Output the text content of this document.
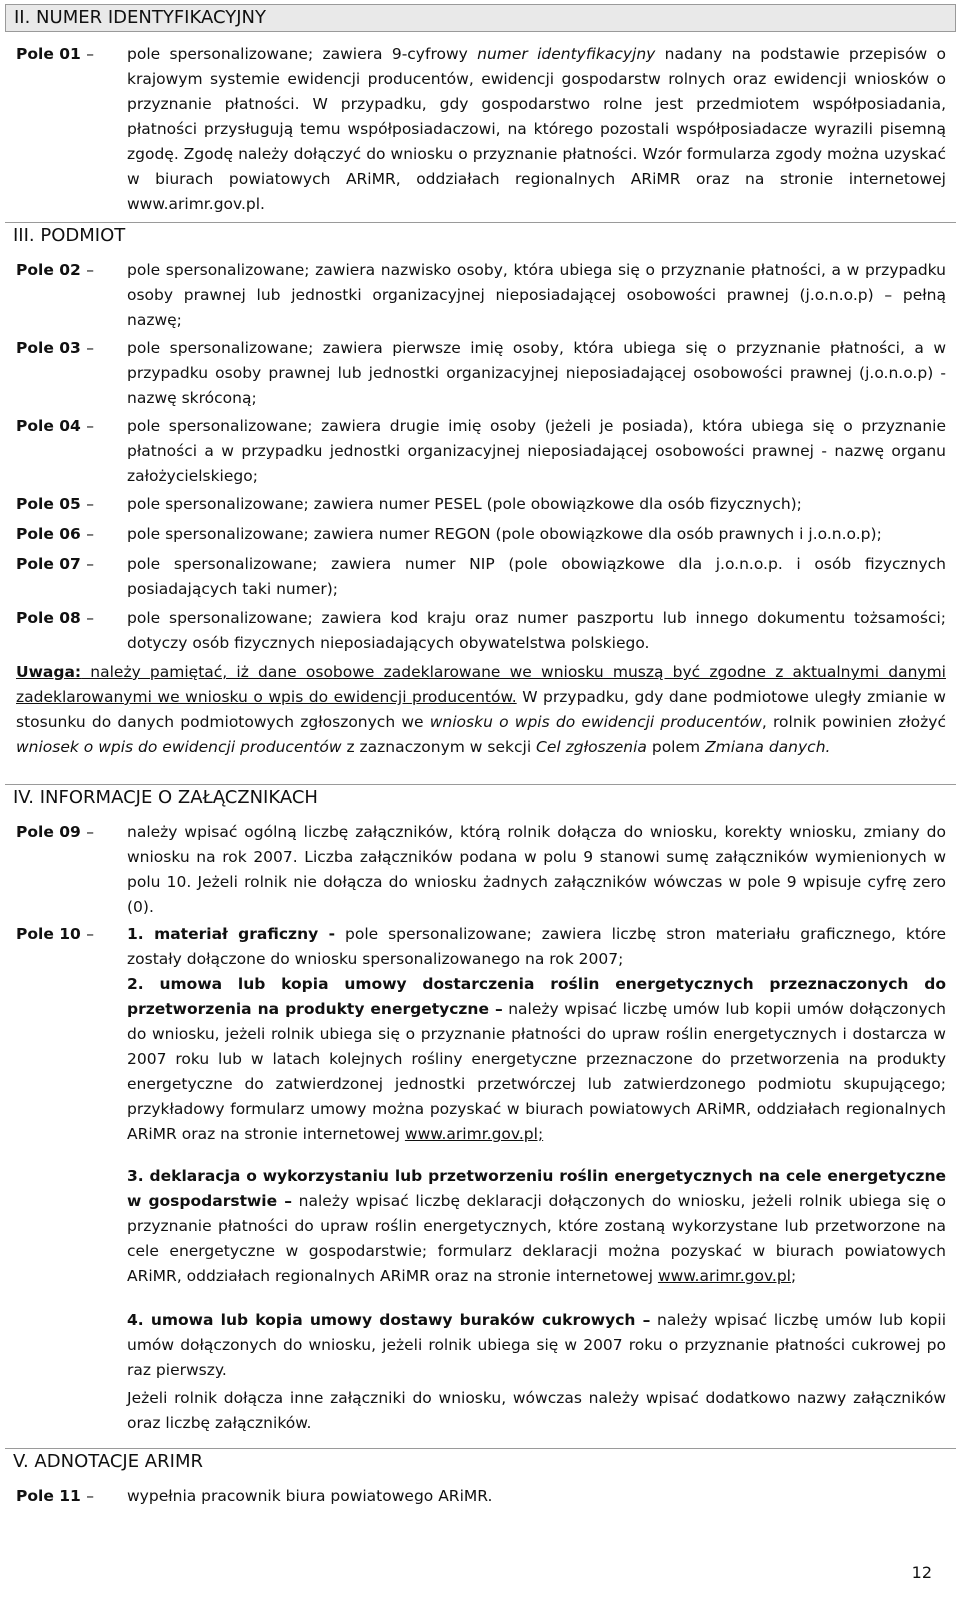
II. NUMER IDENTYFIKACYJNY
Pole 01 –	pole spersonalizowane; zawiera 9-cyfrowy numer identyfikacyjny nadany na podstawie przepisów o krajowym systemie ewidencji producentów, ewidencji gospodarstw rolnych oraz ewidencji wniosków o przyznanie płatności. W przypadku, gdy gospodarstwo rolne jest przedmiotem współposiadania, płatności przysługują temu współposiadaczowi, na którego pozostali współposiadacze wyrazili pisemną zgodę. Zgodę należy dołączyć do wniosku o przyznanie płatności. Wzór formularza zgody można uzyskać w biurach powiatowych ARiMR, oddziałach regionalnych ARiMR oraz na stronie internetowej www.arimr.gov.pl.
III. PODMIOT
Pole 02 –	pole spersonalizowane; zawiera nazwisko osoby, która ubiega się o przyznanie płatności, a w przypadku osoby prawnej lub jednostki organizacyjnej nieposiadającej osobowości prawnej (j.o.n.o.p) – pełną nazwę;
Pole 03 –	pole spersonalizowane; zawiera pierwsze imię osoby, która ubiega się o przyznanie płatności, a w przypadku osoby prawnej lub jednostki organizacyjnej nieposiadającej osobowości prawnej (j.o.n.o.p) - nazwę skróconą;
Pole 04 –	pole spersonalizowane; zawiera drugie imię osoby (jeżeli je posiada), która ubiega się o przyznanie płatności a w przypadku jednostki organizacyjnej nieposiadającej osobowości prawnej - nazwę organu założycielskiego;
Pole 05 –	pole spersonalizowane; zawiera numer PESEL (pole obowiązkowe dla osób fizycznych);
Pole 06 –	pole spersonalizowane; zawiera numer REGON (pole obowiązkowe dla osób prawnych i j.o.n.o.p);
Pole 07 –	pole spersonalizowane; zawiera numer NIP (pole obowiązkowe dla j.o.n.o.p. i osób fizycznych posiadających taki numer);
Pole 08 –	pole spersonalizowane; zawiera kod kraju oraz numer paszportu lub innego dokumentu tożsamości; dotyczy osób fizycznych nieposiadających obywatelstwa polskiego.
Uwaga: należy pamiętać, iż dane osobowe zadeklarowane we wniosku muszą być zgodne z aktualnymi danymi zadeklarowanymi we wniosku o wpis do ewidencji producentów. W przypadku, gdy dane podmiotowe uległy zmianie w stosunku do danych podmiotowych zgłoszonych we wniosku o wpis do ewidencji producentów, rolnik powinien złożyć wniosek o wpis do ewidencji producentów z zaznaczonym w sekcji Cel zgłoszenia polem Zmiana danych.
IV. INFORMACJE O ZAŁĄCZNIKACH
Pole 09 –	należy wpisać ogólną liczbę załączników, którą rolnik dołącza do wniosku, korekty wniosku, zmiany do wniosku na rok 2007. Liczba załączników podana w polu 9 stanowi sumę załączników wymienionych w polu 10. Jeżeli rolnik nie dołącza do wniosku żadnych załączników wówczas w pole 9 wpisuje cyfrę zero (0).
Pole 10 –	1. materiał graficzny - pole spersonalizowane; zawiera liczbę stron materiału graficznego, które zostały dołączone do wniosku spersonalizowanego na rok 2007;
2. umowa lub kopia umowy dostarczenia roślin energetycznych przeznaczonych do przetworzenia na produkty energetyczne – należy wpisać liczbę umów lub kopii umów dołączonych do wniosku, jeżeli rolnik ubiega się o przyznanie płatności do upraw roślin energetycznych i dostarcza w 2007 roku lub w latach kolejnych rośliny energetyczne przeznaczone do przetworzenia na produkty energetyczne do zatwierdzonej jednostki przetwórczej lub zatwierdzonego podmiotu skupującego; przykładowy formularz umowy można pozyskać w biurach powiatowych ARiMR, oddziałach regionalnych ARiMR oraz na stronie internetowej www.arimr.gov.pl;
3. deklaracja o wykorzystaniu lub przetworzeniu roślin energetycznych na cele energetyczne w gospodarstwie – należy wpisać liczbę deklaracji dołączonych do wniosku, jeżeli rolnik ubiega się o przyznanie płatności do upraw roślin energetycznych, które zostaną wykorzystane lub przetworzone na cele energetyczne w gospodarstwie; formularz deklaracji można pozyskać w biurach powiatowych ARiMR, oddziałach regionalnych ARiMR oraz na stronie internetowej www.arimr.gov.pl;
4. umowa lub kopia umowy dostawy buraków cukrowych – należy wpisać liczbę umów lub kopii umów dołączonych do wniosku, jeżeli rolnik ubiega się w 2007 roku o przyznanie płatności cukrowej po raz pierwszy.
Jeżeli rolnik dołącza inne załączniki do wniosku, wówczas należy wpisać dodatkowo nazwy załączników oraz liczbę załączników.
V. ADNOTACJE ARIMR
Pole 11 –	wypełnia pracownik biura powiatowego ARiMR.
12
